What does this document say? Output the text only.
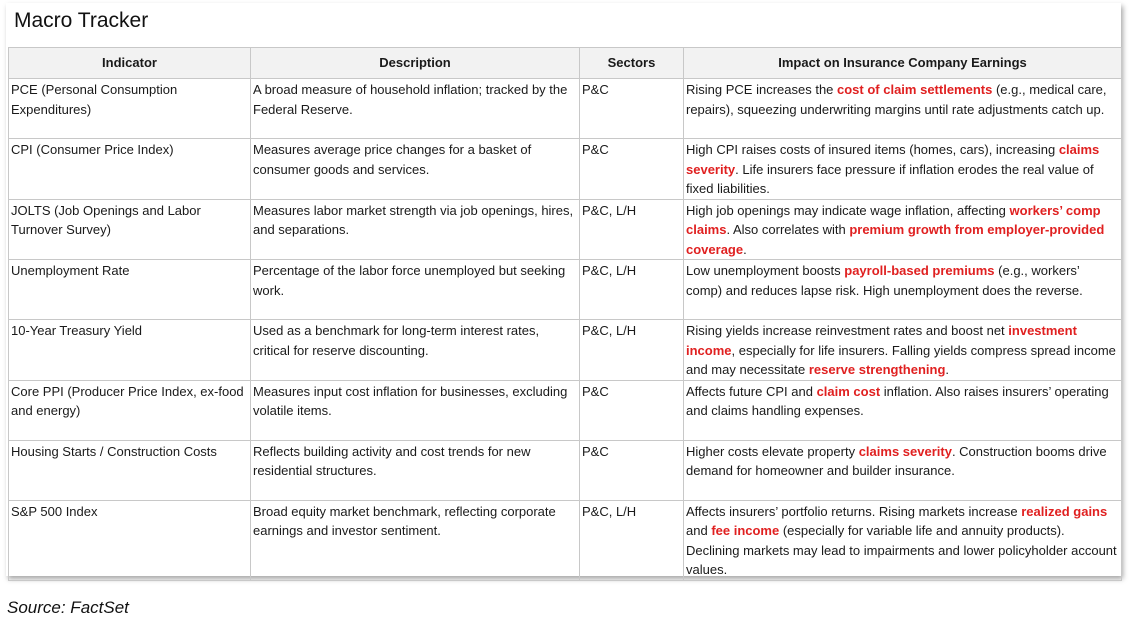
Macro Tracker
Indicator	Description	Sectors	Impact on Insurance Company Earnings
PCE (Personal Consumption Expenditures)	A broad measure of household inflation; tracked by the Federal Reserve.	P&C	Rising PCE increases the cost of claim settlements (e.g., medical care, repairs), squeezing underwriting margins until rate adjustments catch up.
CPI (Consumer Price Index)	Measures average price changes for a basket of consumer goods and services.	P&C	High CPI raises costs of insured items (homes, cars), increasing claims severity. Life insurers face pressure if inflation erodes the real value of fixed liabilities.
JOLTS (Job Openings and Labor Turnover Survey)	Measures labor market strength via job openings, hires, and separations.	P&C, L/H	High job openings may indicate wage inflation, affecting workers’ comp claims. Also correlates with premium growth from employer-provided coverage.
Unemployment Rate	Percentage of the labor force unemployed but seeking work.	P&C, L/H	Low unemployment boosts payroll-based premiums (e.g., workers’ comp) and reduces lapse risk. High unemployment does the reverse.
10-Year Treasury Yield	Used as a benchmark for long-term interest rates, critical for reserve discounting.	P&C, L/H	Rising yields increase reinvestment rates and boost net investment income, especially for life insurers. Falling yields compress spread income and may necessitate reserve strengthening.
Core PPI (Producer Price Index, ex-food and energy)	Measures input cost inflation for businesses, excluding volatile items.	P&C	Affects future CPI and claim cost inflation. Also raises insurers’ operating and claims handling expenses.
Housing Starts / Construction Costs	Reflects building activity and cost trends for new residential structures.	P&C	Higher costs elevate property claims severity. Construction booms drive demand for homeowner and builder insurance.
S&P 500 Index	Broad equity market benchmark, reflecting corporate earnings and investor sentiment.	P&C, L/H	Affects insurers’ portfolio returns. Rising markets increase realized gains and fee income (especially for variable life and annuity products). Declining markets may lead to impairments and lower policyholder account values.
Source: FactSet
